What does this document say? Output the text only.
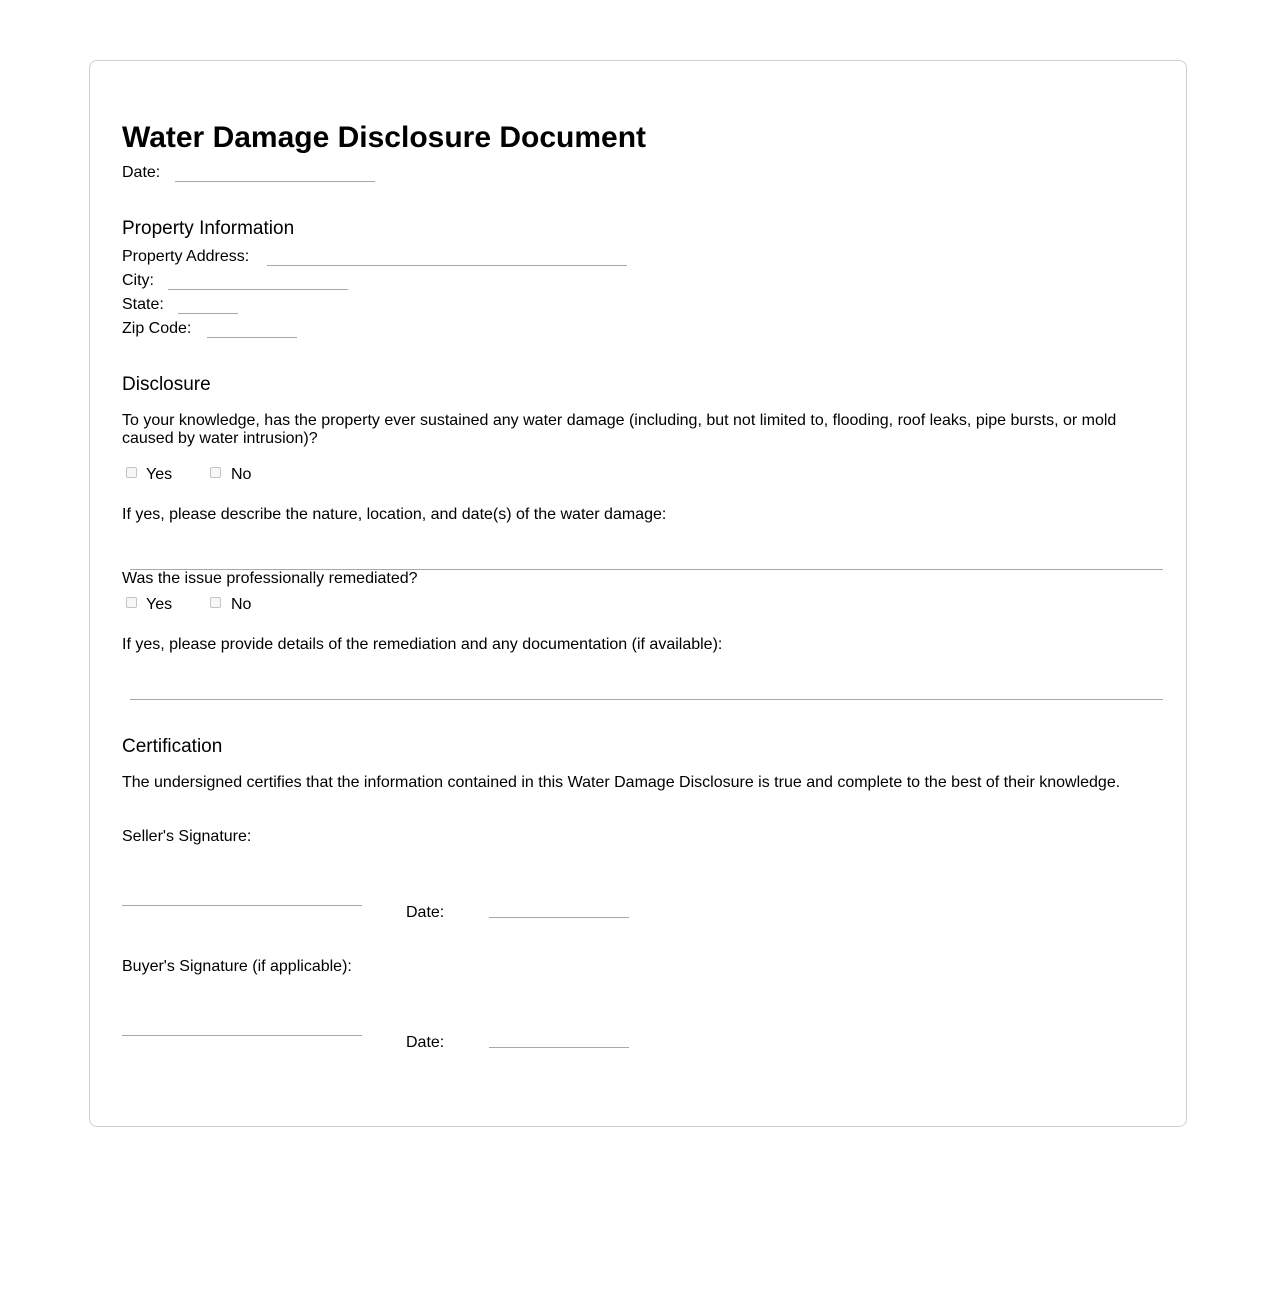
Water Damage Disclosure Document
Date:
Property Information
Property Address:
City:
State:
Zip Code:
Disclosure
To your knowledge, has the property ever sustained any water damage (including, but not limited to, flooding, roof leaks, pipe bursts, or mold
caused by water intrusion)?
Yes	No
If yes, please describe the nature, location, and date(s) of the water damage:
Was the issue professionally remediated?
Yes	No
If yes, please provide details of the remediation and any documentation (if available):
Certification
The undersigned certifies that the information contained in this Water Damage Disclosure is true and complete to the best of their knowledge.
Seller's Signature:
Date:
Buyer's Signature (if applicable):
Date:
